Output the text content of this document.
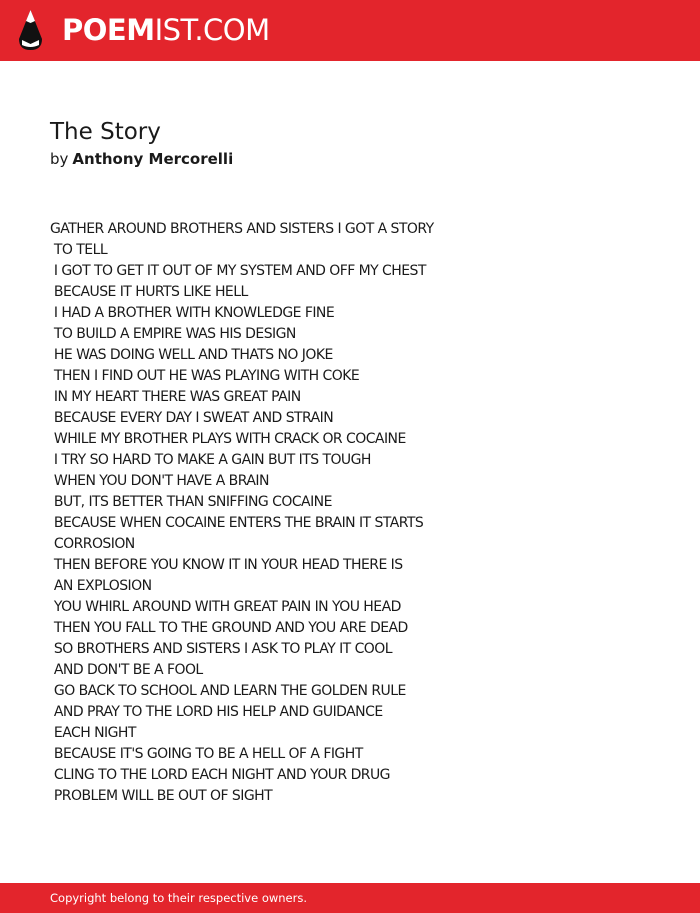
POEMIST.COM
The Story
by Anthony Mercorelli
GATHER AROUND BROTHERS AND SISTERS I GOT A STORY
TO TELL
I GOT TO GET IT OUT OF MY SYSTEM AND OFF MY CHEST
BECAUSE IT HURTS LIKE HELL
I HAD A BROTHER WITH KNOWLEDGE FINE
TO BUILD A EMPIRE WAS HIS DESIGN
HE WAS DOING WELL AND THATS NO JOKE
THEN I FIND OUT HE WAS PLAYING WITH COKE
IN MY HEART THERE WAS GREAT PAIN
BECAUSE EVERY DAY I SWEAT AND STRAIN
WHILE MY BROTHER PLAYS WITH CRACK OR COCAINE
I TRY SO HARD TO MAKE A GAIN BUT ITS TOUGH
WHEN YOU DON'T HAVE A BRAIN
BUT, ITS BETTER THAN SNIFFING COCAINE
BECAUSE WHEN COCAINE ENTERS THE BRAIN IT STARTS
CORROSION
THEN BEFORE YOU KNOW IT IN YOUR HEAD THERE IS
AN EXPLOSION
YOU WHIRL AROUND WITH GREAT PAIN IN YOU HEAD
THEN YOU FALL TO THE GROUND AND YOU ARE DEAD
SO BROTHERS AND SISTERS I ASK TO PLAY IT COOL
AND DON'T BE A FOOL
GO BACK TO SCHOOL AND LEARN THE GOLDEN RULE
AND PRAY TO THE LORD HIS HELP AND GUIDANCE
EACH NIGHT
BECAUSE IT'S GOING TO BE A HELL OF A FIGHT
CLING TO THE LORD EACH NIGHT AND YOUR DRUG
PROBLEM WILL BE OUT OF SIGHT
Copyright belong to their respective owners.
